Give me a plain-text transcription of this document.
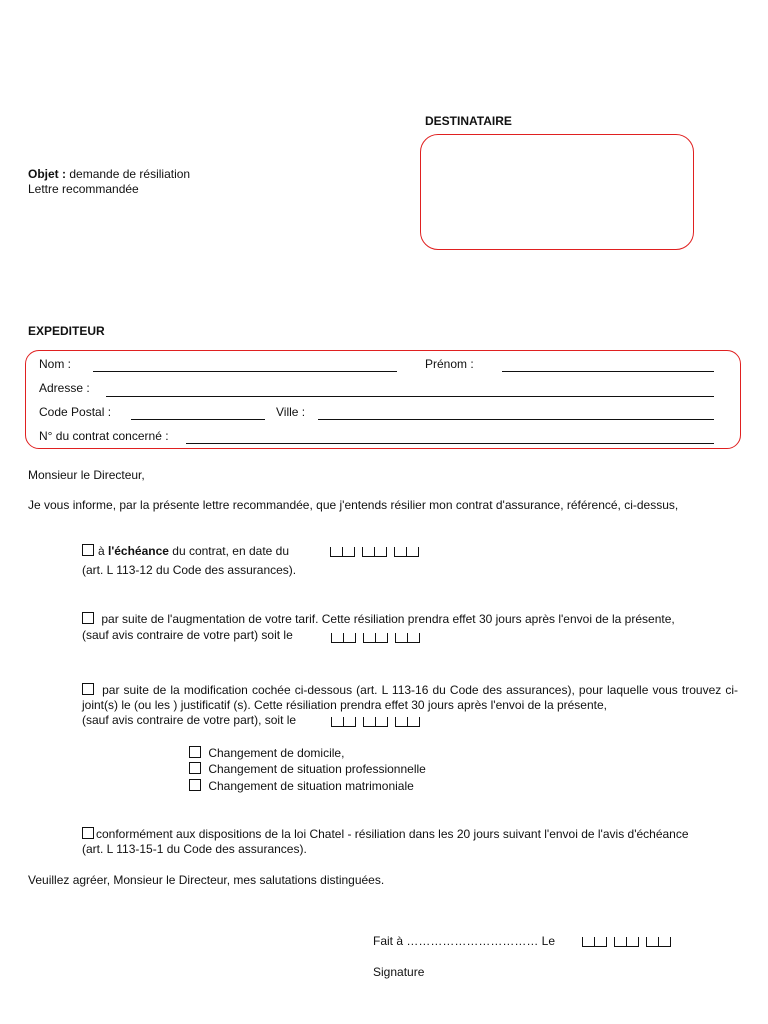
DESTINATAIRE
Objet : demande de résiliation
Lettre recommandée
EXPEDITEUR
Nom :	Prénom :
Adresse :
Code Postal :	Ville :
N° du contrat concerné :
Monsieur le Directeur,
Je vous informe, par la présente lettre recommandée, que j'entends résilier mon contrat d'assurance, référencé, ci-dessus,
à l'échéance du contrat, en date du
(art. L 113-12 du Code des assurances).
par suite de l'augmentation de votre tarif. Cette résiliation prendra effet 30 jours après l'envoi de la présente,
(sauf avis contraire de votre part) soit le
par suite de la modification cochée ci-dessous (art. L 113-16 du Code des assurances), pour laquelle vous trouvez ci-joint(s) le (ou les ) justificatif (s). Cette résiliation prendra effet 30 jours après l'envoi de la présente,
(sauf avis contraire de votre part), soit le
Changement de domicile,
Changement de situation professionnelle
Changement de situation matrimoniale
conformément aux dispositions de la loi Chatel - résiliation dans les 20 jours suivant l'envoi de l'avis d'échéance
(art. L 113-15-1 du Code des assurances).
Veuillez agréer, Monsieur le Directeur, mes salutations distinguées.
Fait à …………………………… Le
Signature
